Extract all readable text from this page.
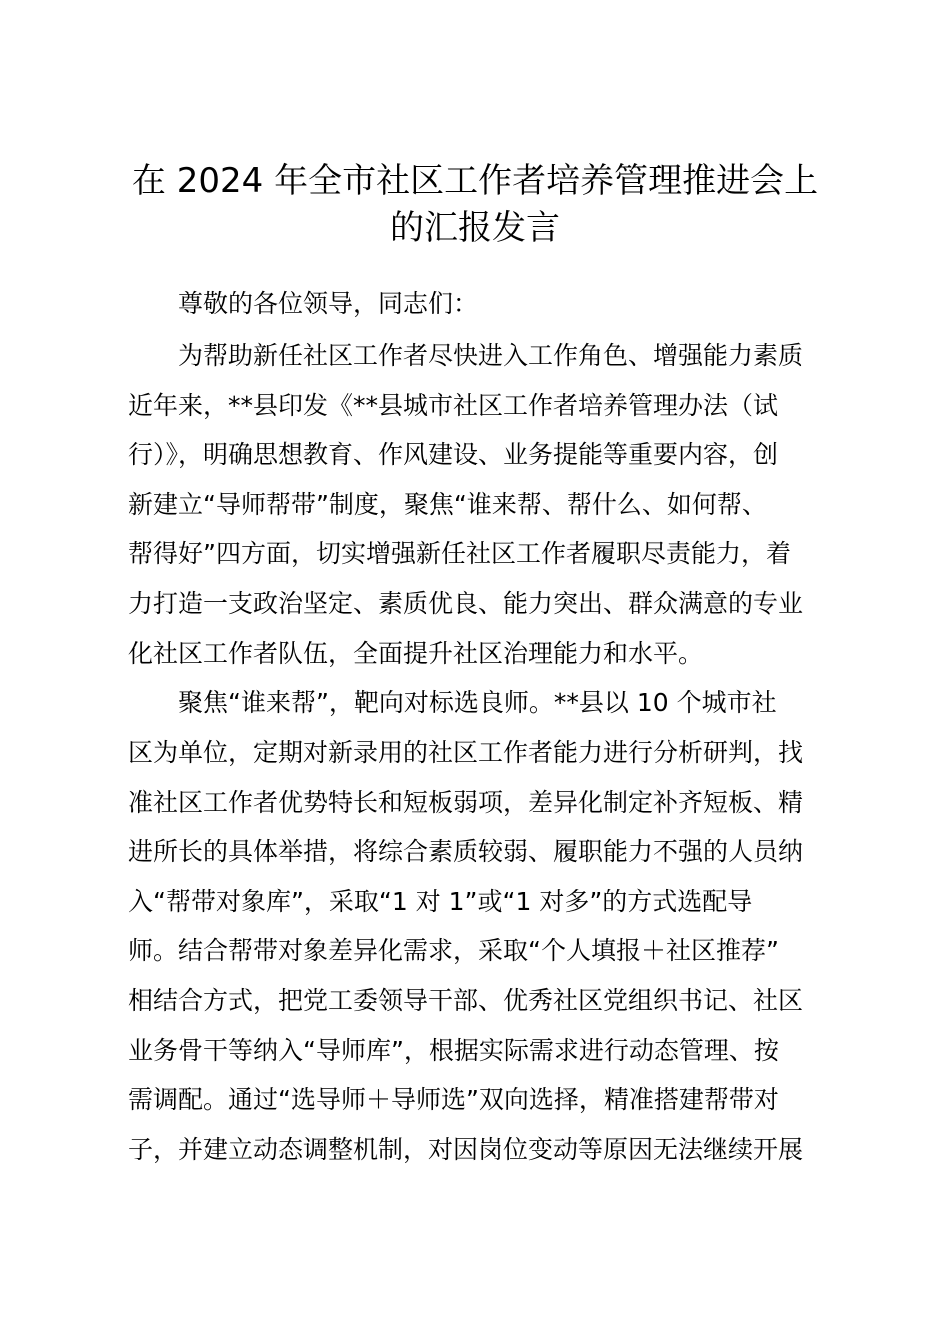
在 2024 年全市社区工作者培养管理推进会上
的汇报发言
尊敬的各位领导，同志们：
为帮助新任社区工作者尽快进入工作角色、增强能力素质
近年来，**县印发《**县城市社区工作者培养管理办法（试
行）》，明确思想教育、作风建设、业务提能等重要内容，创
新建立“导师帮带”制度，聚焦“谁来帮、帮什么、如何帮、
帮得好”四方面，切实增强新任社区工作者履职尽责能力，着
力打造一支政治坚定、素质优良、能力突出、群众满意的专业
化社区工作者队伍，全面提升社区治理能力和水平。
聚焦“谁来帮”，靶向对标选良师。**县以 10 个城市社
区为单位，定期对新录用的社区工作者能力进行分析研判，找
准社区工作者优势特长和短板弱项，差异化制定补齐短板、精
进所长的具体举措，将综合素质较弱、履职能力不强的人员纳
入“帮带对象库”，采取“1 对 1”或“1 对多”的方式选配导
师。结合帮带对象差异化需求，采取“个人填报＋社区推荐”
相结合方式，把党工委领导干部、优秀社区党组织书记、社区
业务骨干等纳入“导师库”，根据实际需求进行动态管理、按
需调配。通过“选导师＋导师选”双向选择，精准搭建帮带对
子，并建立动态调整机制，对因岗位变动等原因无法继续开展
